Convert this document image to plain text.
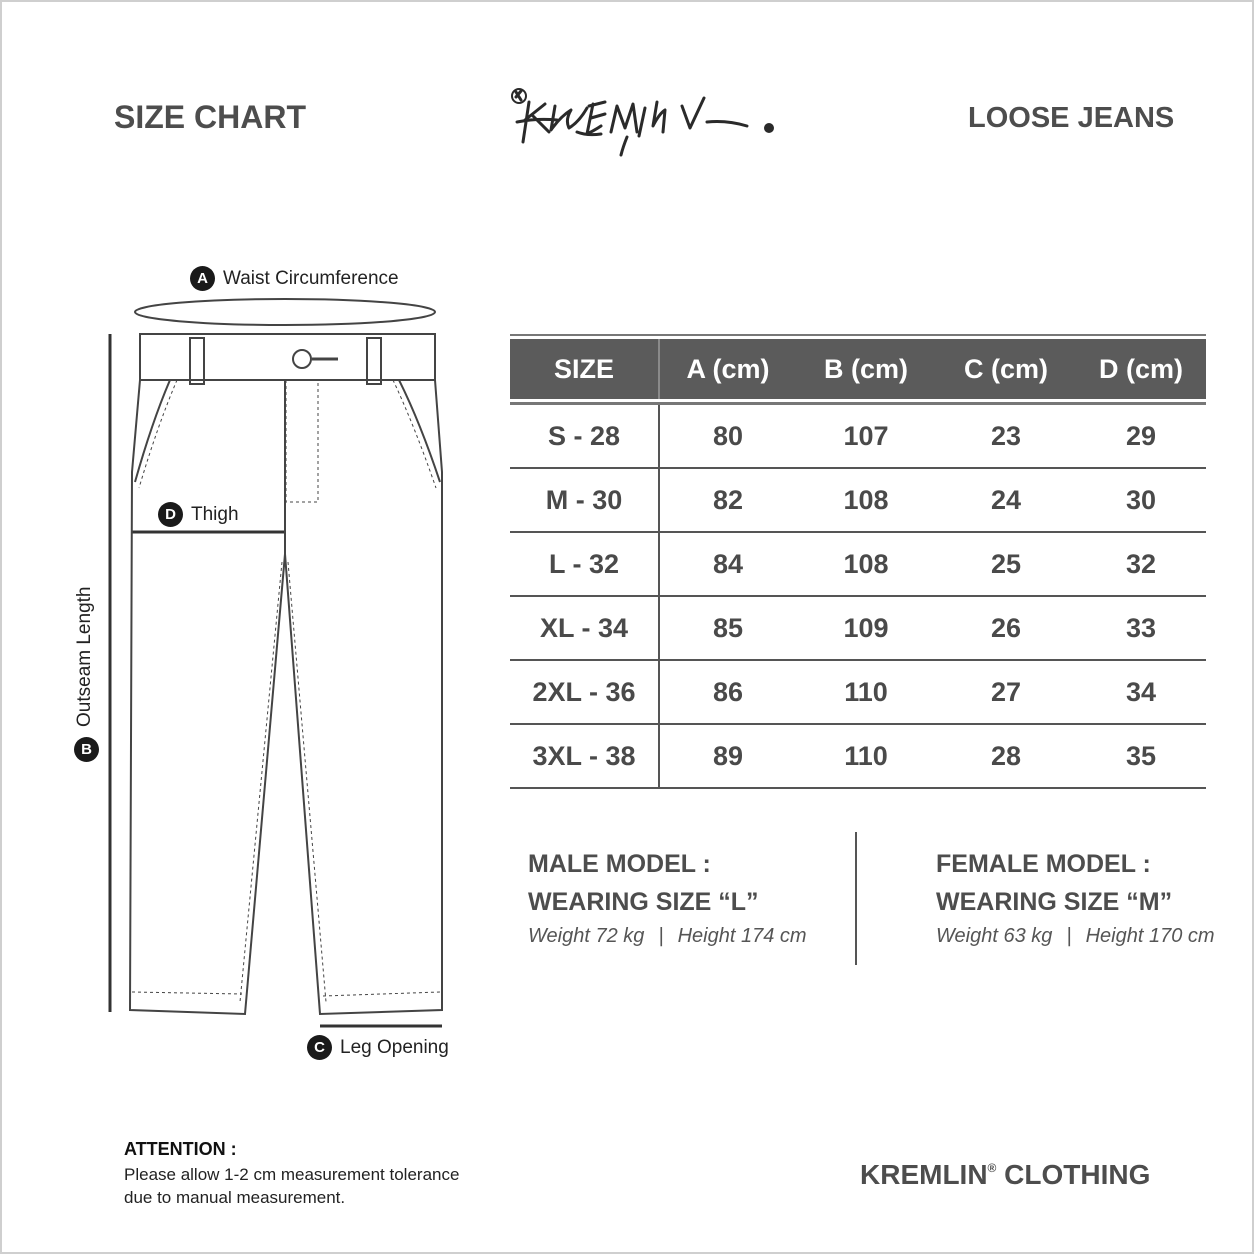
SIZE CHART	LOOSE JEANS
KREMLIN
A Waist Circumference
D Thigh
C Leg Opening
B
Outseam Length
SIZE	A (cm)	B (cm)	C (cm)	D (cm)
S - 28	80	107	23	29
M - 30	82	108	24	30
L - 32	84	108	25	32
XL - 34	85	109	26	33
2XL - 36	86	110	27	34
3XL - 38	89	110	28	35
MALE MODEL :
WEARING SIZE “L”
Weight 72 kg | Height 174 cm
FEMALE MODEL :
WEARING SIZE “M”
Weight 63 kg | Height 170 cm
ATTENTION :
Please allow 1-2 cm measurement tolerance
due to manual measurement.
KREMLIN® CLOTHING
